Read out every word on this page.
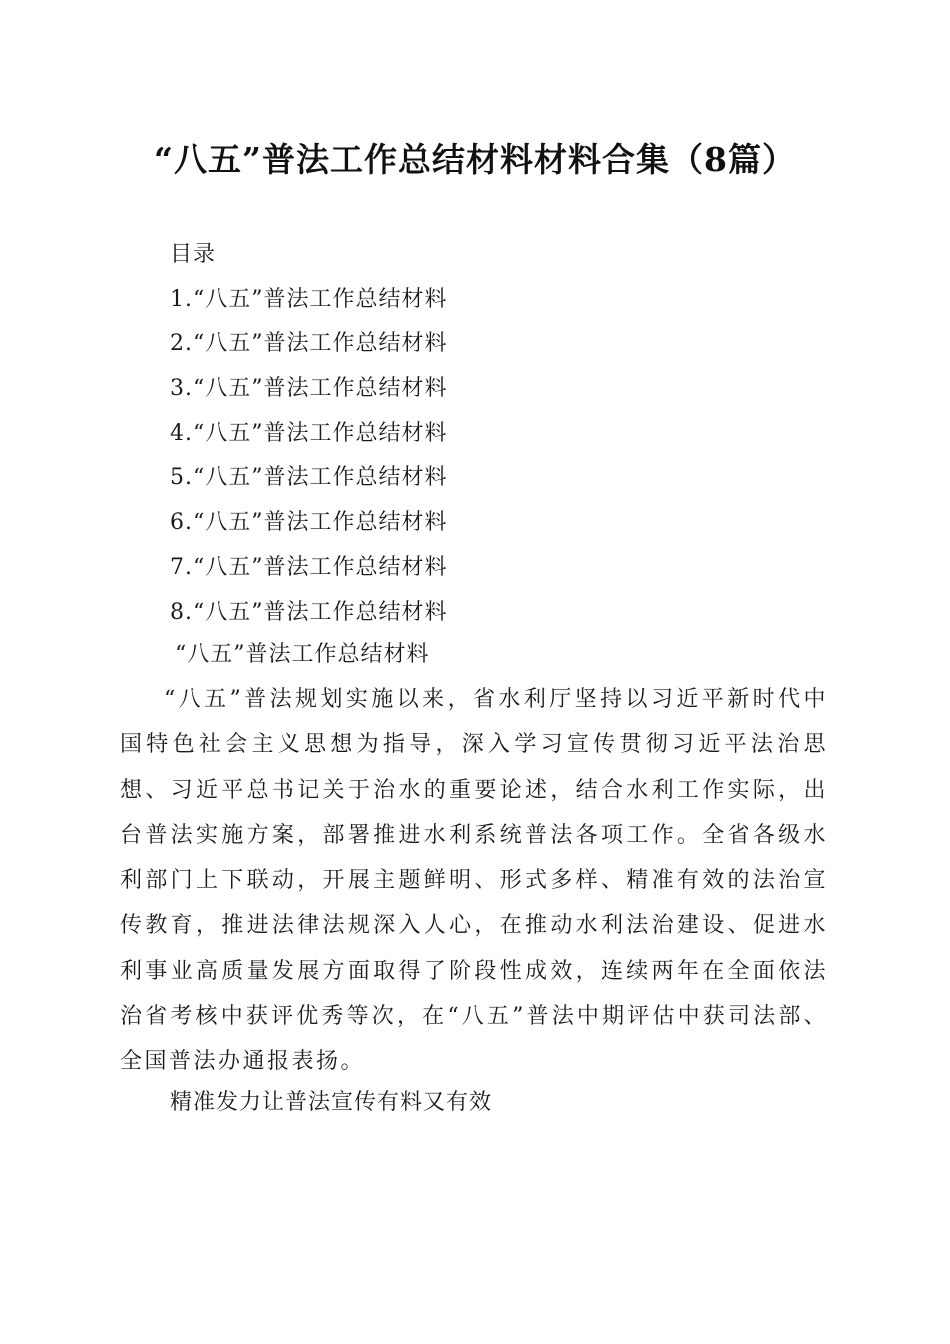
“八五”普法工作总结材料材料合集（8篇）
目录
1.“八五”普法工作总结材料
2.“八五”普法工作总结材料
3.“八五”普法工作总结材料
4.“八五”普法工作总结材料
5.“八五”普法工作总结材料
6.“八五”普法工作总结材料
7.“八五”普法工作总结材料
8.“八五”普法工作总结材料
“八五”普法工作总结材料

“八五”普法规划实施以来，省水利厅坚持以习近平新时代中国特色社会主义思想为指导，深入学习宣传贯彻习近平法治思想、习近平总书记关于治水的重要论述，结合水利工作实际，出台普法实施方案，部署推进水利系统普法各项工作。全省各级水利部门上下联动，开展主题鲜明、形式多样、精准有效的法治宣传教育，推进法律法规深入人心，在推动水利法治建设、促进水利事业高质量发展方面取得了阶段性成效，连续两年在全面依法治省考核中获评优秀等次，在“八五”普法中期评估中获司法部、全国普法办通报表扬。

精准发力让普法宣传有料又有效
